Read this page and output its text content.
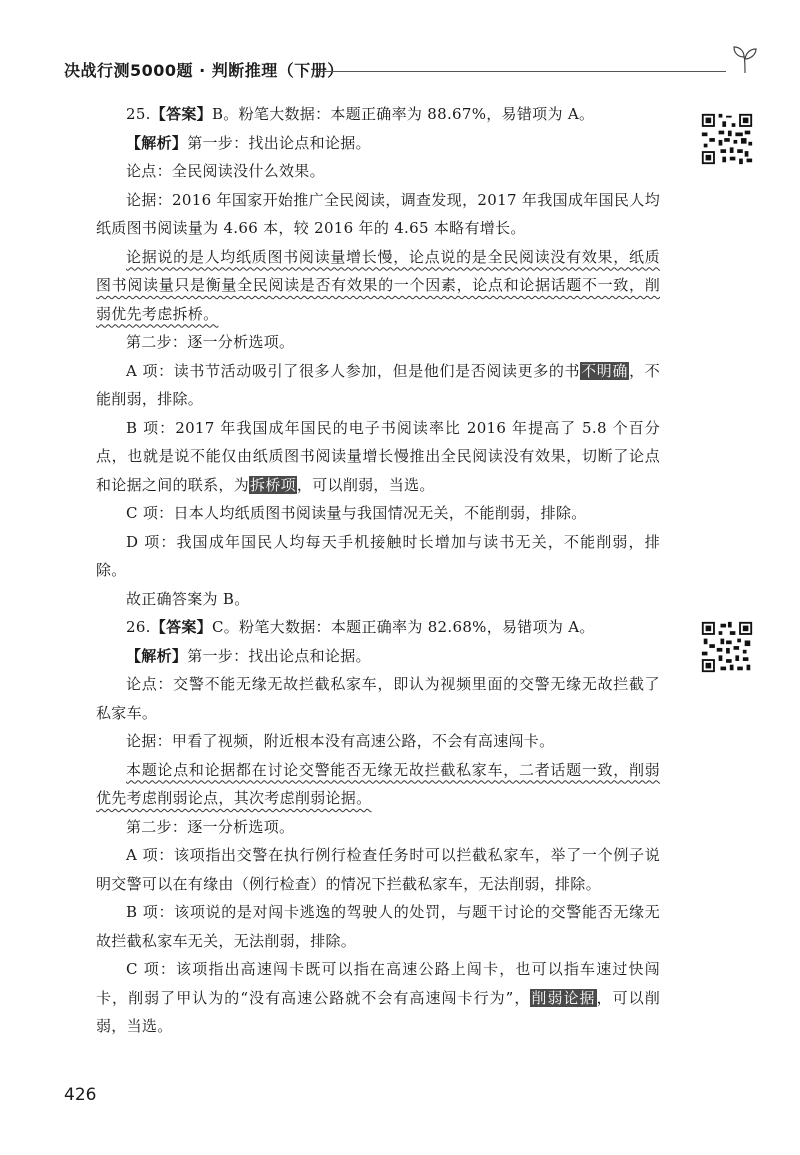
决战行测5000题 · 判断推理（下册）

25.【答案】B。粉笔大数据：本题正确率为 88.67%，易错项为 A。

【解析】第一步：找出论点和论据。

论点：全民阅读没什么效果。

论据：2016 年国家开始推广全民阅读，调查发现，2017 年我国成年国民人均纸质图书阅读量为 4.66 本，较 2016 年的 4.65 本略有增长。

论据说的是人均纸质图书阅读量增长慢，论点说的是全民阅读没有效果，纸质图书阅读量只是衡量全民阅读是否有效果的一个因素，论点和论据话题不一致，削弱优先考虑拆桥。

第二步：逐一分析选项。

A 项：读书节活动吸引了很多人参加，但是他们是否阅读更多的书不明确，不能削弱，排除。

B 项：2017 年我国成年国民的电子书阅读率比 2016 年提高了 5.8 个百分点，也就是说不能仅由纸质图书阅读量增长慢推出全民阅读没有效果，切断了论点和论据之间的联系，为拆桥项，可以削弱，当选。

C 项：日本人均纸质图书阅读量与我国情况无关，不能削弱，排除。

D 项：我国成年国民人均每天手机接触时长增加与读书无关，不能削弱，排除。

故正确答案为 B。

26.【答案】C。粉笔大数据：本题正确率为 82.68%，易错项为 A。

【解析】第一步：找出论点和论据。

论点：交警不能无缘无故拦截私家车，即认为视频里面的交警无缘无故拦截了私家车。

论据：甲看了视频，附近根本没有高速公路，不会有高速闯卡。

本题论点和论据都在讨论交警能否无缘无故拦截私家车，二者话题一致，削弱优先考虑削弱论点，其次考虑削弱论据。

第二步：逐一分析选项。

A 项：该项指出交警在执行例行检查任务时可以拦截私家车，举了一个例子说明交警可以在有缘由（例行检查）的情况下拦截私家车，无法削弱，排除。

B 项：该项说的是对闯卡逃逸的驾驶人的处罚，与题干讨论的交警能否无缘无故拦截私家车无关，无法削弱，排除。

C 项：该项指出高速闯卡既可以指在高速公路上闯卡，也可以指车速过快闯卡，削弱了甲认为的“没有高速公路就不会有高速闯卡行为”，削弱论据，可以削弱，当选。

426
